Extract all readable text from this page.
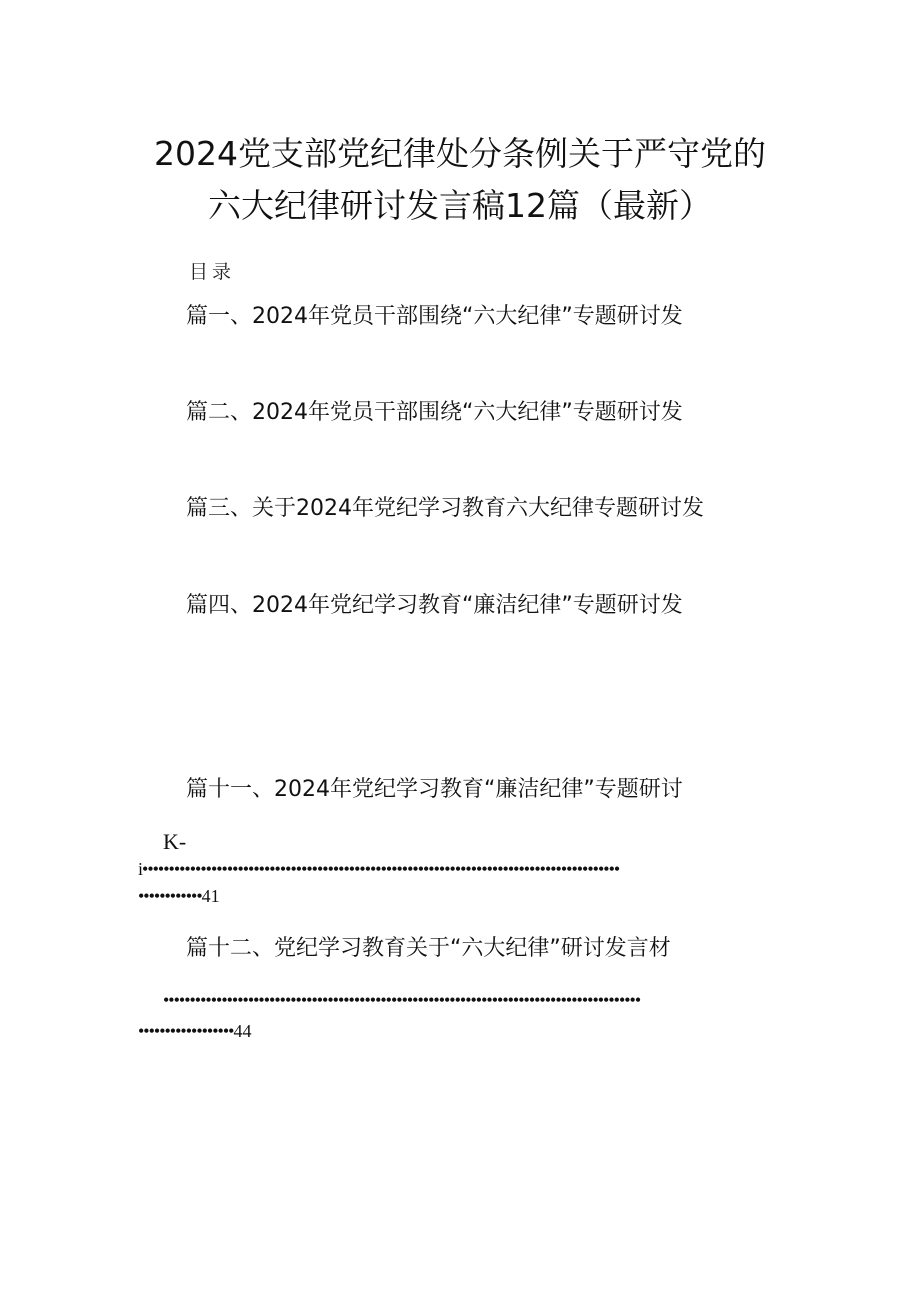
2024党支部党纪律处分条例关于严守党的
六大纪律研讨发言稿12篇（最新）
目录
篇一、2024年党员干部围绕“六大纪律”专题研讨发
篇二、2024年党员干部围绕“六大纪律”专题研讨发
篇三、关于2024年党纪学习教育六大纪律专题研讨发
篇四、2024年党纪学习教育“廉洁纪律”专题研讨发
篇十一、2024年党纪学习教育“廉洁纪律”专题研讨
K-
i••••••••••••••••••••••••••••••••••••••••••••••••••••••••••••••••••••••••••••••••••••••••••
••••••••••••41
篇十二、党纪学习教育关于“六大纪律”研讨发言材
••••••••••••••••••••••••••••••••••••••••••••••••••••••••••••••••••••••••••••••••••••••••••
••••••••••••••••••44
